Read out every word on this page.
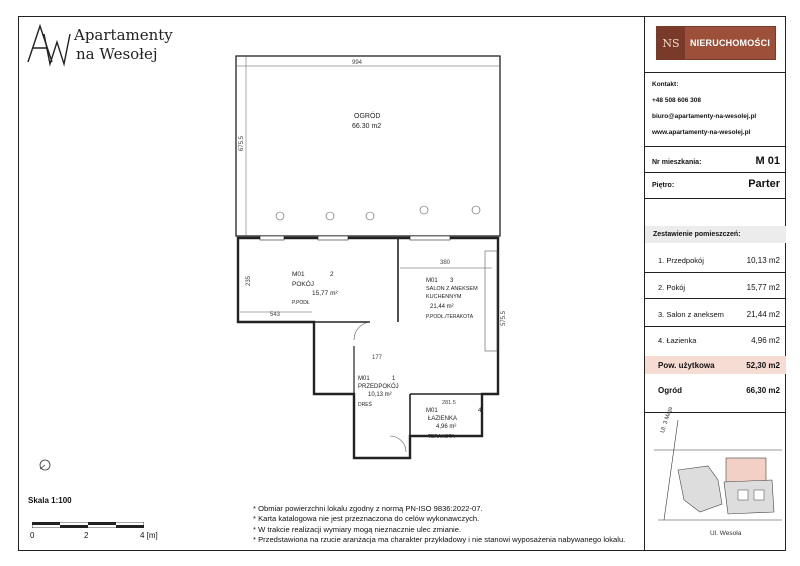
Apartamenty
na Wesołej	994
675.5
OGRÓD
66.30 m2
380
543
177
235
575.5
M01	2
POKÓJ
15,77 m²
P.PODŁ
M01 3
SALON Z ANEKSEM
KUCHENNYM
21,44 m²
P.PODŁ./TERAKOTA
M01	1
PRZEDPOKÓJ
10,13 m²
DREŚ	281.5
M01	4
ŁAZIENKA
4,96 m²
TERAKOTA
Skala 1:100
0	2	4 [m]
* Obmiar powierzchni lokalu zgodny z normą PN-ISO 9836:2022-07.
* Karta katalogowa nie jest przeznaczona do celów wykonawczych.
* W trakcie realizacji wymiary mogą nieznacznie ulec zmianie.
* Przedstawiona na rzucie aranżacja ma charakter przykładowy i nie stanowi wyposażenia nabywanego lokalu.
NS	NIERUCHOMOŚCI
Kontakt:
+48 508 606 308
biuro@apartamenty-na-wesolej.pl
www.apartamenty-na-wesolej.pl
Nr mieszkania:	M 01
Piętro:	Parter
Zestawienie pomieszczeń:
1. Przedpokój	10,13 m2
2. Pokój	15,77 m2
3. Salon z aneksem	21,44 m2
4. Łazienka	4,96 m2
Pow. użytkowa	52,30 m2
Ogród	66,30 m2
Ul. 3 Maja
Ul. Wesoła
